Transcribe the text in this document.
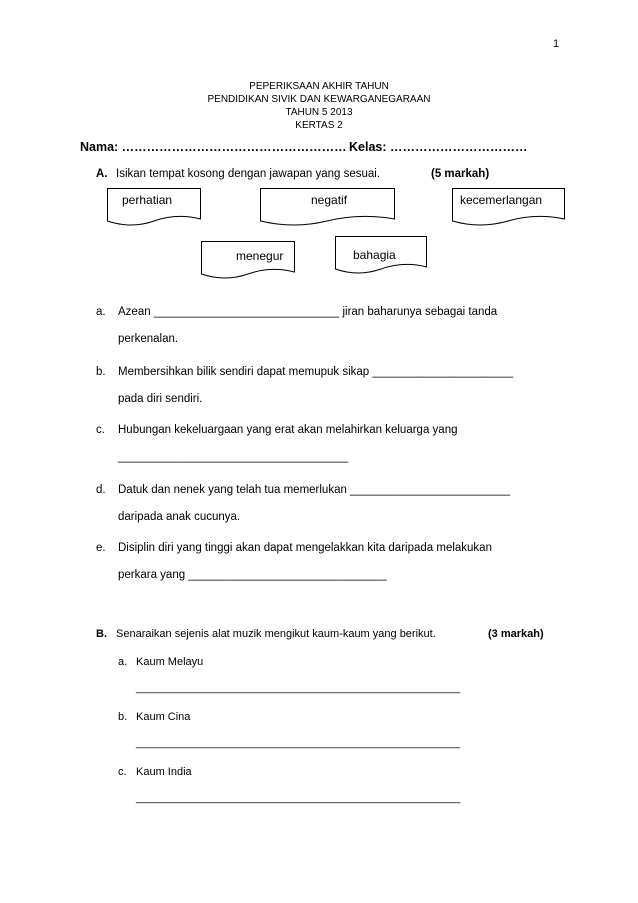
1
PEPERIKSAAN AKHIR TAHUN
PENDIDIKAN SIVIK DAN KEWARGANEGARAAN
TAHUN 5 2013
KERTAS 2
Nama: ……………………………………………… Kelas: ……………………………
A. Isikan tempat kosong dengan jawapan yang sesuai.	(5 markah)
perhatian	negatif	kecemerlangan
menegur	bahagia
a. Azean _____________________________ jiran baharunya sebagai tanda
perkenalan.
b. Membersihkan bilik sendiri dapat memupuk sikap ______________________
pada diri sendiri.
c. Hubungan kekeluargaan yang erat akan melahirkan keluarga yang
____________________________________
d. Datuk dan nenek yang telah tua memerlukan _________________________
daripada anak cucunya.
e. Disiplin diri yang tinggi akan dapat mengelakkan kita daripada melakukan
perkara yang _______________________________
B. Senaraikan sejenis alat muzik mengikut kaum-kaum yang berikut.	(3 markah)
a. Kaum Melayu
_____________________________________________________
b. Kaum Cina
_____________________________________________________
c. Kaum India
_____________________________________________________
